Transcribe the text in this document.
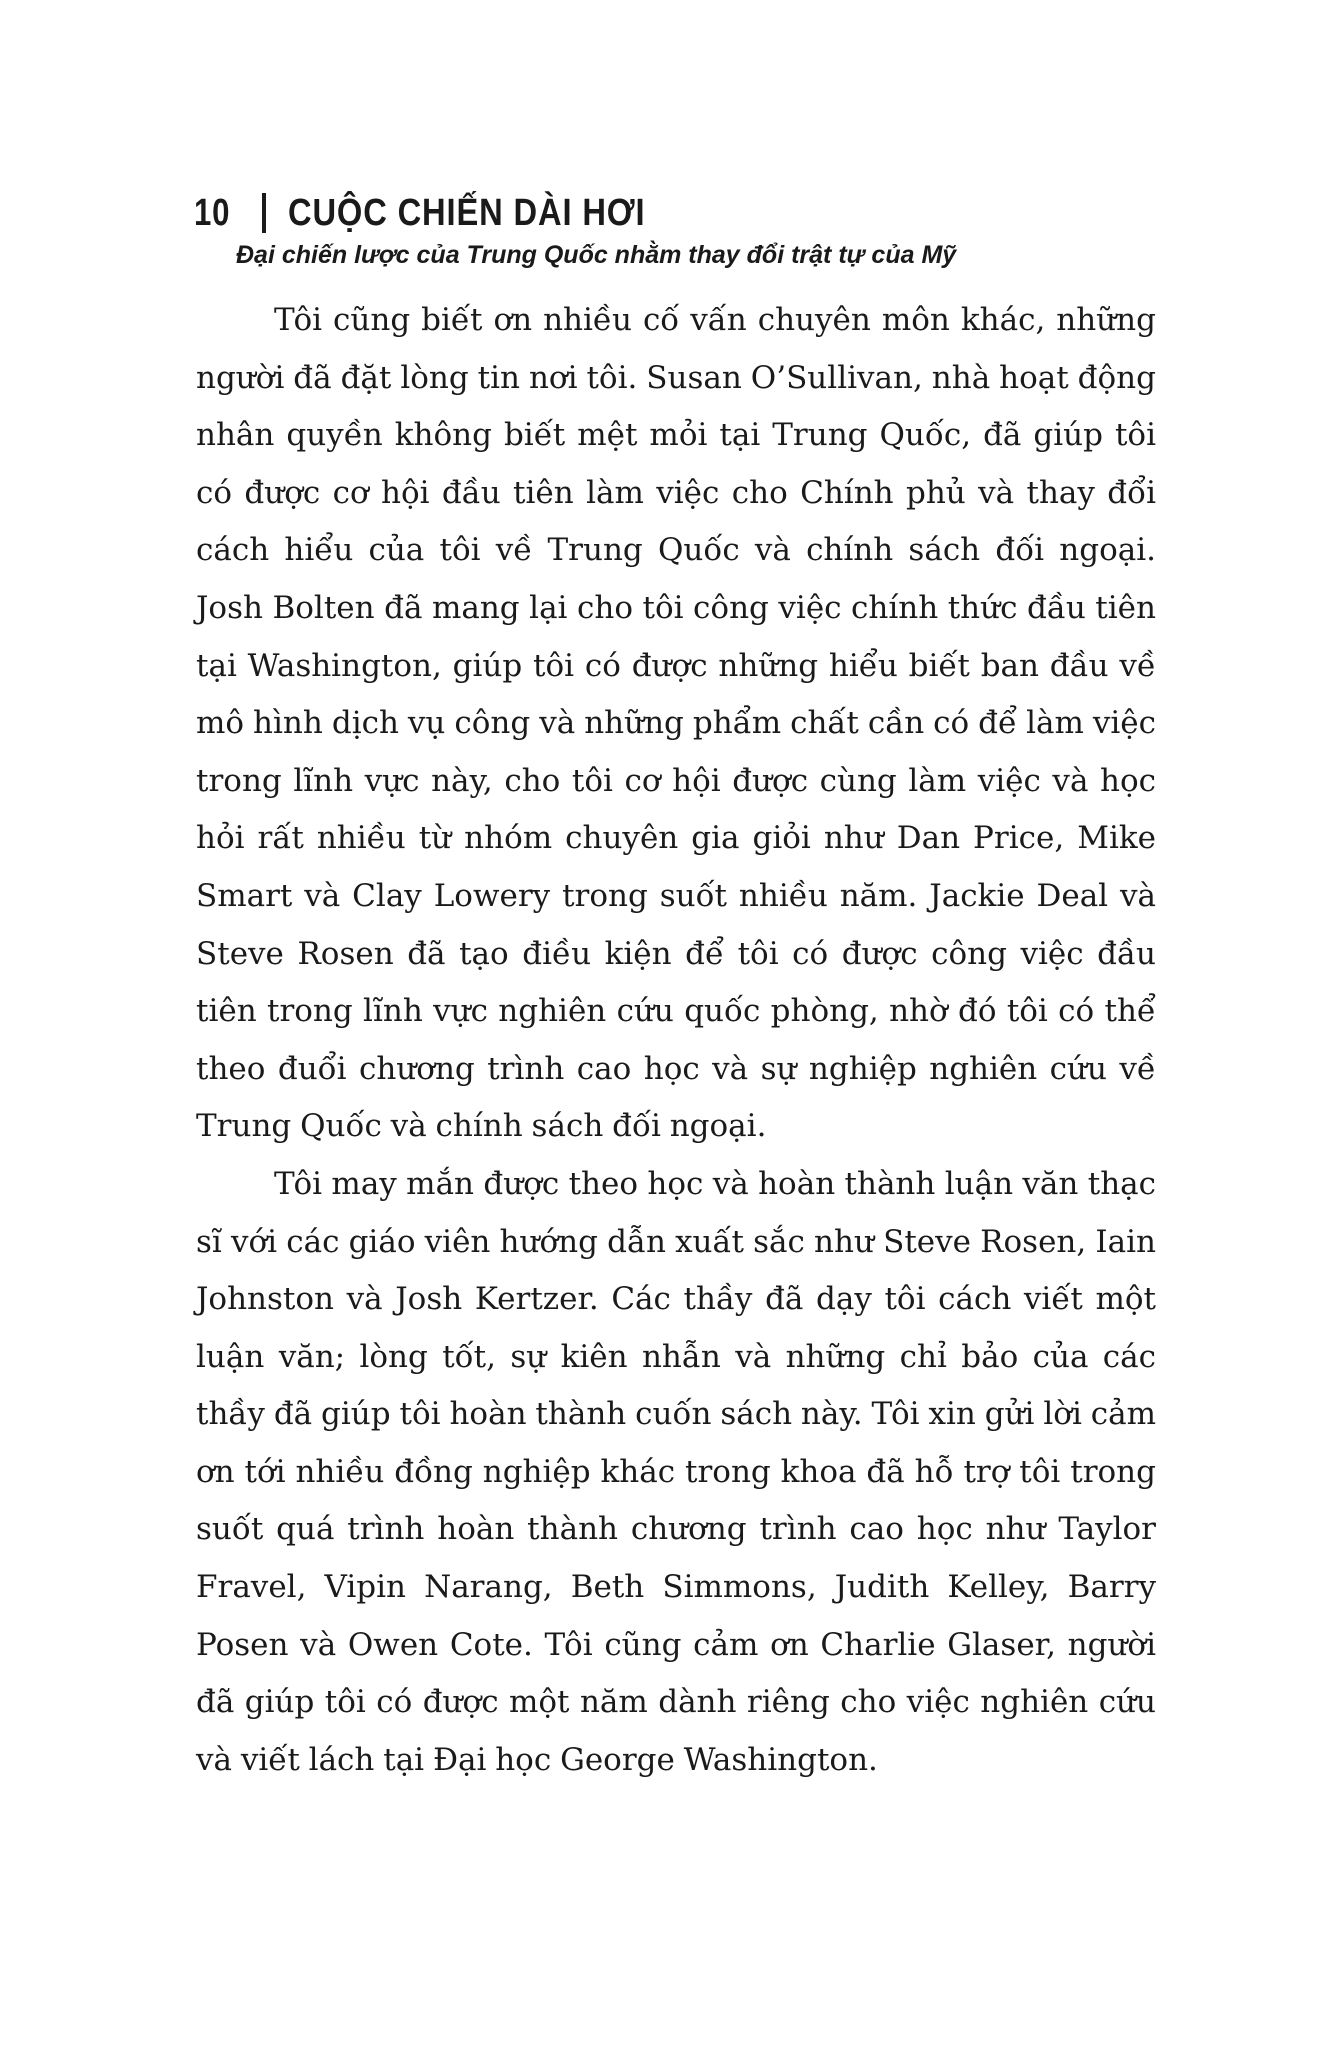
10 CUỘC CHIẾN DÀI HƠI
Đại chiến lược của Trung Quốc nhằm thay đổi trật tự của Mỹ

Tôi cũng biết ơn nhiều cố vấn chuyên môn khác, những người đã đặt lòng tin nơi tôi. Susan O’Sullivan, nhà hoạt động nhân quyền không biết mệt mỏi tại Trung Quốc, đã giúp tôi có được cơ hội đầu tiên làm việc cho Chính phủ và thay đổi cách hiểu của tôi về Trung Quốc và chính sách đối ngoại. Josh Bolten đã mang lại cho tôi công việc chính thức đầu tiên tại Washington, giúp tôi có được những hiểu biết ban đầu về mô hình dịch vụ công và những phẩm chất cần có để làm việc trong lĩnh vực này, cho tôi cơ hội được cùng làm việc và học hỏi rất nhiều từ nhóm chuyên gia giỏi như Dan Price, Mike Smart và Clay Lowery trong suốt nhiều năm. Jackie Deal và Steve Rosen đã tạo điều kiện để tôi có được công việc đầu tiên trong lĩnh vực nghiên cứu quốc phòng, nhờ đó tôi có thể theo đuổi chương trình cao học và sự nghiệp nghiên cứu về Trung Quốc và chính sách đối ngoại.

Tôi may mắn được theo học và hoàn thành luận văn thạc sĩ với các giáo viên hướng dẫn xuất sắc như Steve Rosen, Iain Johnston và Josh Kertzer. Các thầy đã dạy tôi cách viết một luận văn; lòng tốt, sự kiên nhẫn và những chỉ bảo của các thầy đã giúp tôi hoàn thành cuốn sách này. Tôi xin gửi lời cảm ơn tới nhiều đồng nghiệp khác trong khoa đã hỗ trợ tôi trong suốt quá trình hoàn thành chương trình cao học như Taylor Fravel, Vipin Narang, Beth Simmons, Judith Kelley, Barry Posen và Owen Cote. Tôi cũng cảm ơn Charlie Glaser, người đã giúp tôi có được một năm dành riêng cho việc nghiên cứu và viết lách tại Đại học George Washington.
